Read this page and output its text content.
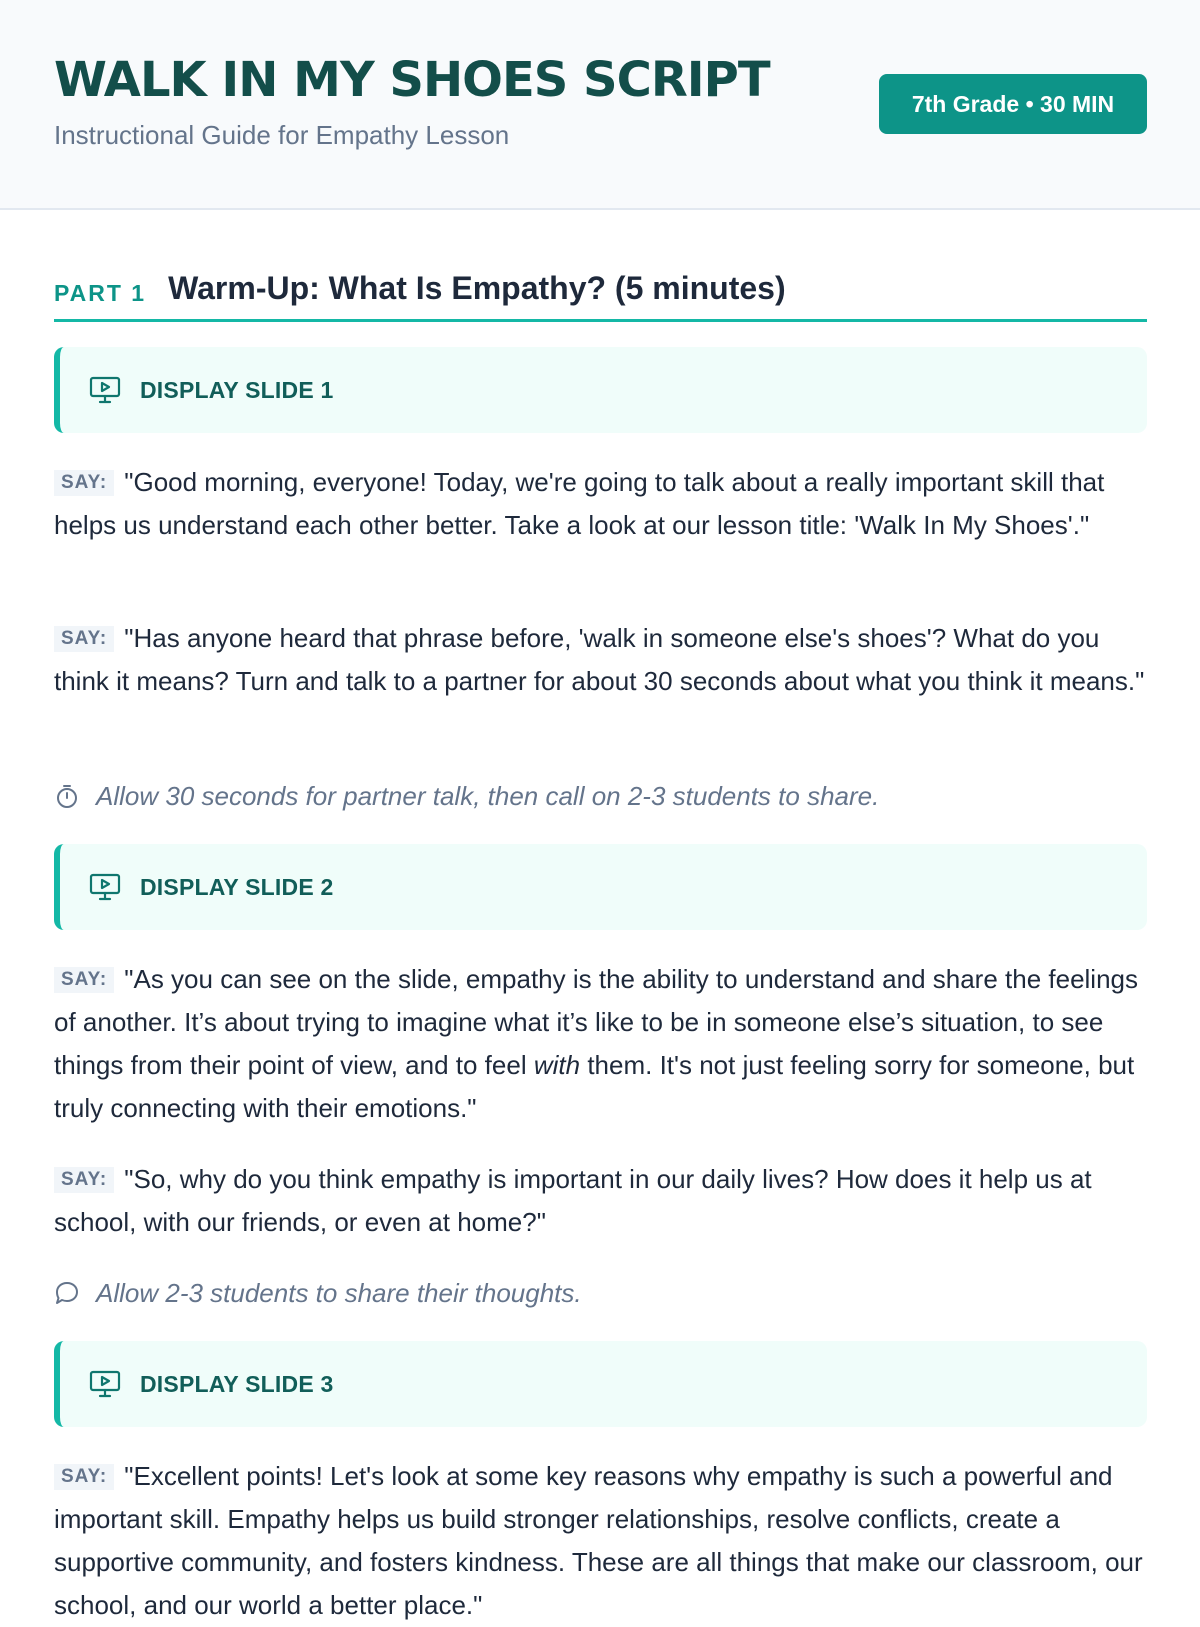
WALK IN MY SHOES SCRIPT
Instructional Guide for Empathy Lesson
7th Grade • 30 MIN
PART 1 Warm-Up: What Is Empathy? (5 minutes)
DISPLAY SLIDE 1

SAY: "Good morning, everyone! Today, we're going to talk about a really important skill that helps us understand each other better. Take a look at our lesson title: 'Walk In My Shoes'."

SAY: "Has anyone heard that phrase before, 'walk in someone else's shoes'? What do you think it means? Turn and talk to a partner for about 30 seconds about what you think it means."

Allow 30 seconds for partner talk, then call on 2-3 students to share.
DISPLAY SLIDE 2

SAY: "As you can see on the slide, empathy is the ability to understand and share the feelings of another. It’s about trying to imagine what it’s like to be in someone else’s situation, to see things from their point of view, and to feel with them. It's not just feeling sorry for someone, but truly connecting with their emotions."

SAY: "So, why do you think empathy is important in our daily lives? How does it help us at school, with our friends, or even at home?"

Allow 2-3 students to share their thoughts.
DISPLAY SLIDE 3

SAY: "Excellent points! Let's look at some key reasons why empathy is such a powerful and important skill. Empathy helps us build stronger relationships, resolve conflicts, create a supportive community, and fosters kindness. These are all things that make our classroom, our school, and our world a better place."
